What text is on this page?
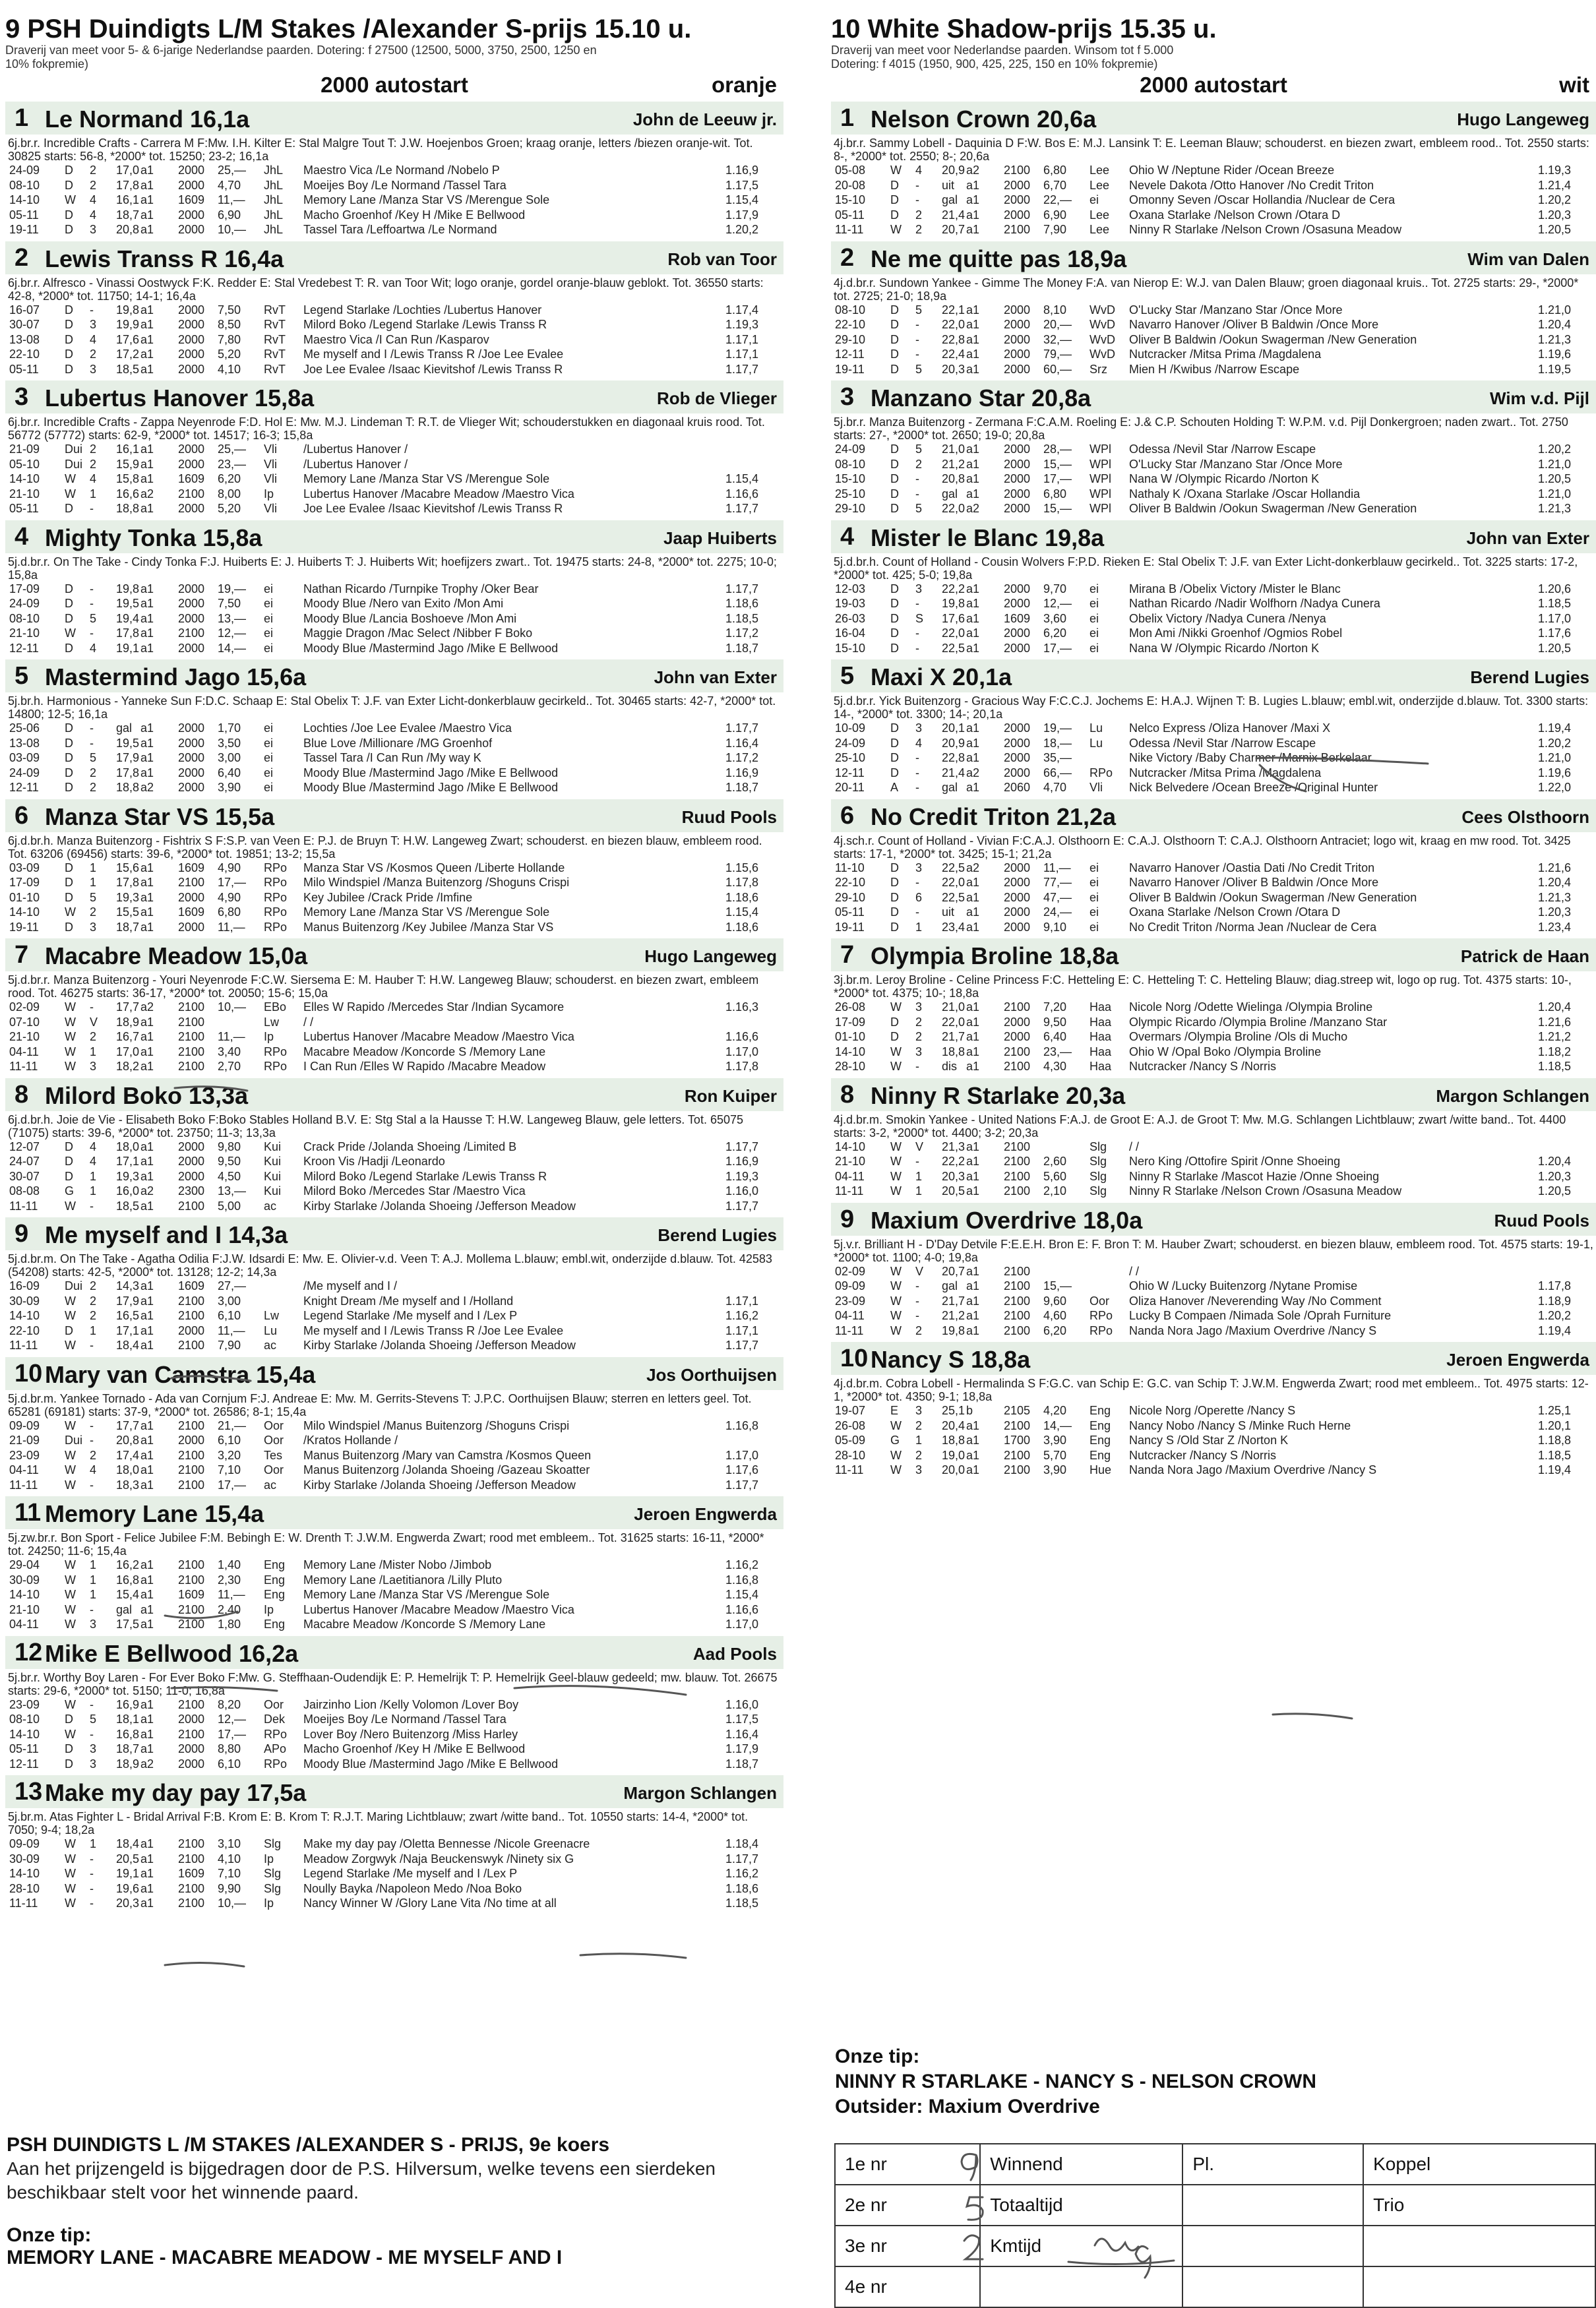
9 PSH Duindigts L/M Stakes /Alexander S-prijs 15.10 u.
Draverij van meet voor 5- & 6-jarige Nederlandse paarden. Dotering: f 27500 (12500, 5000, 3750, 2500, 1250 en
10% fokpremie)
2000 autostart	oranje
1 Le Normand 16,1a	John de Leeuw jr.
6j.br.r. Incredible Crafts - Carrera M F:Mw. I.H. Kilter E: Stal Malgre Tout T: J.W. Hoejenbos Groen; kraag oranje, letters /biezen oranje-wit. Tot. 30825 starts: 56-8, *2000* tot. 15250; 23-2; 16,1a
24-09 D 2 17,0 a1 2000 25,— JhL Maestro Vica /Le Normand /Nobelo P	1.16,9
08-10 D 2 17,8 a1 2000 4,70 JhL Moeijes Boy /Le Normand /Tassel Tara	1.17,5
14-10 W 4 16,1 a1 1609 11,— JhL Memory Lane /Manza Star VS /Merengue Sole	1.15,4
05-11 D 4 18,7 a1 2000 6,90 JhL Macho Groenhof /Key H /Mike E Bellwood	1.17,9
19-11 D 3 20,8 a1 2000 10,— JhL Tassel Tara /Leffoartwa /Le Normand	1.20,2
2 Lewis Transs R 16,4a	Rob van Toor
6j.br.r. Alfresco - Vinassi Oostwyck F:K. Redder E: Stal Vredebest T: R. van Toor Wit; logo oranje, gordel oranje-blauw geblokt. Tot. 36550 starts: 42-8, *2000* tot. 11750; 14-1; 16,4a
16-07 D - 19,8 a1 2000 7,50 RvT Legend Starlake /Lochties /Lubertus Hanover	1.17,4
30-07 D 3 19,9 a1 2000 8,50 RvT Milord Boko /Legend Starlake /Lewis Transs R	1.19,3
13-08 D 4 17,6 a1 2000 7,80 RvT Maestro Vica /I Can Run /Kasparov	1.17,1
22-10 D 2 17,2 a1 2000 5,20 RvT Me myself and I /Lewis Transs R /Joe Lee Evalee	1.17,1
05-11 D 3 18,5 a1 2000 4,10 RvT Joe Lee Evalee /Isaac Kievitshof /Lewis Transs R	1.17,7
3 Lubertus Hanover 15,8a	Rob de Vlieger
6j.br.r. Incredible Crafts - Zappa Neyenrode F:D. Hol E: Mw. M.J. Lindeman T: R.T. de Vlieger Wit; schouderstukken en diagonaal kruis rood. Tot. 56772 (57772) starts: 62-9, *2000* tot. 14517; 16-3; 15,8a
21-09 Dui 2 16,1 a1 2000 25,— Vli /Lubertus Hanover /
05-10 Dui 2 15,9 a1 2000 23,— Vli /Lubertus Hanover /
14-10 W 4 15,8 a1 1609 6,20 Vli Memory Lane /Manza Star VS /Merengue Sole	1.15,4
21-10 W 1 16,6 a2 2100 8,00 Ip Lubertus Hanover /Macabre Meadow /Maestro Vica	1.16,6
05-11 D - 18,8 a1 2000 5,20 Vli Joe Lee Evalee /Isaac Kievitshof /Lewis Transs R	1.17,7
4 Mighty Tonka 15,8a	Jaap Huiberts
5j.d.br.r. On The Take - Cindy Tonka F:J. Huiberts E: J. Huiberts T: J. Huiberts Wit; hoefijzers zwart.. Tot. 19475 starts: 24-8, *2000* tot. 2275; 10-0; 15,8a
17-09 D - 19,8 a1 2000 19,— ei	Nathan Ricardo /Turnpike Trophy /Oker Bear	1.17,7
24-09 D - 19,5 a1 2000 7,50 ei	Moody Blue /Nero van Exito /Mon Ami	1.18,6
08-10 D 5 19,4 a1 2000 13,— ei	Moody Blue /Lancia Boshoeve /Mon Ami	1.18,5
21-10 W - 17,8 a1 2100 12,— ei	Maggie Dragon /Mac Select /Nibber F Boko	1.17,2
12-11 D 4 19,1 a1 2000 14,— ei	Moody Blue /Mastermind Jago /Mike E Bellwood	1.18,7
5 Mastermind Jago 15,6a	John van Exter
5j.br.h. Harmonious - Yanneke Sun F:D.C. Schaap E: Stal Obelix T: J.F. van Exter Licht-donkerblauw gecirkeld.. Tot. 30465 starts: 42-7, *2000* tot. 14800; 12-5; 16,1a
25-06 D - gal a1 2000 1,70 ei	Lochties /Joe Lee Evalee /Maestro Vica	1.17,7
13-08 D - 19,5 a1 2000 3,50 ei	Blue Love /Millionare /MG Groenhof	1.16,4
03-09 D 5 17,9 a1 2000 3,00 ei	Tassel Tara /I Can Run /My way K	1.17,2
24-09 D 2 17,8 a1 2000 6,40 ei	Moody Blue /Mastermind Jago /Mike E Bellwood	1.16,9
12-11 D 2 18,8 a2 2000 3,90 ei	Moody Blue /Mastermind Jago /Mike E Bellwood	1.18,7
6 Manza Star VS 15,5a	Ruud Pools
6j.d.br.h. Manza Buitenzorg - Fishtrix S F:S.P. van Veen E: P.J. de Bruyn T: H.W. Langeweg Zwart; schouderst. en biezen blauw, embleem rood. Tot. 63206 (69456) starts: 39-6, *2000* tot. 19851; 13-2; 15,5a
03-09 D 1 15,6 a1 1609 4,90 RPo Manza Star VS /Kosmos Queen /Liberte Hollande	1.15,6
17-09 D 1 17,8 a1 2100 17,— RPo Milo Windspiel /Manza Buitenzorg /Shoguns Crispi	1.17,8
01-10 D 5 19,3 a1 2000 4,90 RPo Key Jubilee /Crack Pride /Imfine	1.18,6
14-10 W 2 15,5 a1 1609 6,80 RPo Memory Lane /Manza Star VS /Merengue Sole	1.15,4
19-11 D 3 18,7 a1 2000 11,— RPo Manus Buitenzorg /Key Jubilee /Manza Star VS	1.18,6
7 Macabre Meadow 15,0a	Hugo Langeweg
5j.d.br.r. Manza Buitenzorg - Youri Neyenrode F:C.W. Siersema E: M. Hauber T: H.W. Langeweg Blauw; schouderst. en biezen zwart, embleem rood. Tot. 46275 starts: 36-17, *2000* tot. 20050; 15-6; 15,0a
02-09 W - 17,7 a2 2100 10,— EBo Elles W Rapido /Mercedes Star /Indian Sycamore	1.16,3
07-10 W V 18,9 a1 2100	Lw / /
21-10 W 2 16,7 a1 2100 11,— Ip Lubertus Hanover /Macabre Meadow /Maestro Vica	1.16,6
04-11 W 1 17,0 a1 2100 3,40 RPo Macabre Meadow /Koncorde S /Memory Lane	1.17,0
11-11 W 3 18,2 a1 2100 2,70 RPo I Can Run /Elles W Rapido /Macabre Meadow	1.17,8
8 Milord Boko 13,3a	Ron Kuiper
6j.d.br.h. Joie de Vie - Elisabeth Boko F:Boko Stables Holland B.V. E: Stg Stal a la Hausse T: H.W. Langeweg Blauw, gele letters. Tot. 65075 (71075) starts: 39-6, *2000* tot. 23750; 11-3; 13,3a
12-07 D 4 18,0 a1 2000 9,80 Kui Crack Pride /Jolanda Shoeing /Limited B	1.17,7
24-07 D 4 17,1 a1 2000 9,50 Kui Kroon Vis /Hadji /Leonardo	1.16,9
30-07 D 1 19,3 a1 2000 4,50 Kui Milord Boko /Legend Starlake /Lewis Transs R	1.19,3
08-08 G 1 16,0 a2 2300 13,— Kui Milord Boko /Mercedes Star /Maestro Vica	1.16,0
11-11 W - 18,5 a1 2100 5,00 ac Kirby Starlake /Jolanda Shoeing /Jefferson Meadow	1.17,7
9 Me myself and I 14,3a	Berend Lugies
5j.d.br.m. On The Take - Agatha Odilia F:J.W. Idsardi E: Mw. E. Olivier-v.d. Veen T: A.J. Mollema L.blauw; embl.wit, onderzijde d.blauw. Tot. 42583 (54208) starts: 42-5, *2000* tot. 13128; 12-2; 14,3a
16-09 Dui 2 14,3 a1 1609 27,—	/Me myself and I /
30-09 W 2 17,9 a1 2100 3,00	Knight Dream /Me myself and I /Holland	1.17,1
14-10 W 2 16,5 a1 2100 6,10 Lw Legend Starlake /Me myself and I /Lex P	1.16,2
22-10 D 1 17,1 a1 2000 11,— Lu Me myself and I /Lewis Transs R /Joe Lee Evalee	1.17,1
11-11 W - 18,4 a1 2100 7,90 ac Kirby Starlake /Jolanda Shoeing /Jefferson Meadow	1.17,7
10 Mary van Camstra 15,4a	Jos Oorthuijsen
5j.d.br.m. Yankee Tornado - Ada van Cornjum F:J. Andreae E: Mw. M. Gerrits-Stevens T: J.P.C. Oorthuijsen Blauw; sterren en letters geel. Tot. 65281 (69181) starts: 37-9, *2000* tot. 26586; 8-1; 15,4a
09-09 W - 17,7 a1 2100 21,— Oor Milo Windspiel /Manus Buitenzorg /Shoguns Crispi	1.16,8
21-09 Dui - 20,8 a1 2000 6,10 Oor /Kratos Hollande /
23-09 W 2 17,4 a1 2100 3,20 Tes Manus Buitenzorg /Mary van Camstra /Kosmos Queen	1.17,0
04-11 W 4 18,0 a1 2100 7,10 Oor Manus Buitenzorg /Jolanda Shoeing /Gazeau Skoatter	1.17,6
11-11 W - 18,3 a1 2100 17,— ac Kirby Starlake /Jolanda Shoeing /Jefferson Meadow	1.17,7
11 Memory Lane 15,4a	Jeroen Engwerda
5j.zw.br.r. Bon Sport - Felice Jubilee F:M. Bebingh E: W. Drenth T: J.W.M. Engwerda Zwart; rood met embleem.. Tot. 31625 starts: 16-11, *2000* tot. 24250; 11-6; 15,4a
29-04 W 1 16,2 a1 2100 1,40 Eng Memory Lane /Mister Nobo /Jimbob	1.16,2
30-09 W 1 16,8 a1 2100 2,30 Eng Memory Lane /Laetitianora /Lilly Pluto	1.16,8
14-10 W 1 15,4 a1 1609 11,— Eng Memory Lane /Manza Star VS /Merengue Sole	1.15,4
21-10 W - gal a1 2100 2,40 Ip Lubertus Hanover /Macabre Meadow /Maestro Vica	1.16,6
04-11 W 3 17,5 a1 2100 1,80 Eng Macabre Meadow /Koncorde S /Memory Lane	1.17,0
12 Mike E Bellwood 16,2a	Aad Pools
5j.br.r. Worthy Boy Laren - For Ever Boko F:Mw. G. Steffhaan-Oudendijk E: P. Hemelrijk T: P. Hemelrijk Geel-blauw gedeeld; mw. blauw. Tot. 26675 starts: 29-6, *2000* tot. 5150; 11-0; 16,8a
23-09 W - 16,9 a1 2100 8,20 Oor Jairzinho Lion /Kelly Volomon /Lover Boy	1.16,0
08-10 D 5 18,1 a1 2000 12,— Dek Moeijes Boy /Le Normand /Tassel Tara	1.17,5
14-10 W - 16,8 a1 2100 17,— RPo Lover Boy /Nero Buitenzorg /Miss Harley	1.16,4
05-11 D 3 18,7 a1 2000 8,80 APo Macho Groenhof /Key H /Mike E Bellwood	1.17,9
12-11 D 3 18,9 a2 2000 6,10 RPo Moody Blue /Mastermind Jago /Mike E Bellwood	1.18,7
13 Make my day pay 17,5a	Margon Schlangen
5j.br.m. Atas Fighter L - Bridal Arrival F:B. Krom E: B. Krom T: R.J.T. Maring Lichtblauw; zwart /witte band.. Tot. 10550 starts: 14-4, *2000* tot. 7050; 9-4; 18,2a
09-09 W 1 18,4 a1 2100 3,10 Slg Make my day pay /Oletta Bennesse /Nicole Greenacre	1.18,4
30-09 W - 20,5 a1 2100 4,10 Ip Meadow Zorgwyk /Naja Beuckenswyk /Ninety six G	1.17,7
14-10 W - 19,1 a1 1609 7,10 Slg Legend Starlake /Me myself and I /Lex P	1.16,2
28-10 W - 19,6 a1 2100 9,90 Slg Noully Bayka /Napoleon Medo /Noa Boko	1.18,6
11-11 W - 20,3 a1 2100 10,— Ip Nancy Winner W /Glory Lane Vita /No time at all	1.18,5
10 White Shadow-prijs 15.35 u.
Draverij van meet voor Nederlandse paarden. Winsom tot f 5.000
Dotering: f 4015 (1950, 900, 425, 225, 150 en 10% fokpremie)
2000 autostart	wit
1 Nelson Crown 20,6a	Hugo Langeweg
4j.br.r. Sammy Lobell - Daquinia D F:W. Bos E: M.J. Lansink T: E. Leeman Blauw; schouderst. en biezen zwart, embleem rood.. Tot. 2550 starts: 8-, *2000* tot. 2550; 8-; 20,6a
05-08 W 4 20,9 a2 2100 6,80 Lee Ohio W /Neptune Rider /Ocean Breeze	1.19,3
20-08 D - uit a1 2000 6,70 Lee Nevele Dakota /Otto Hanover /No Credit Triton	1.21,4
15-10 D - gal a1 2000 22,— ei	Omonny Seven /Oscar Hollandia /Nuclear de Cera	1.20,2
05-11 D 2 21,4 a1 2000 6,90 Lee Oxana Starlake /Nelson Crown /Otara D	1.20,3
11-11 W 2 20,7 a1 2100 7,90 Lee Ninny R Starlake /Nelson Crown /Osasuna Meadow	1.20,5
2 Ne me quitte pas 18,9a	Wim van Dalen
4j.d.br.r. Sundown Yankee - Gimme The Money F:A. van Nierop E: W.J. van Dalen Blauw; groen diagonaal kruis.. Tot. 2725 starts: 29-, *2000* tot. 2725; 21-0; 18,9a
08-10 D 5 22,1 a1 2000 8,10 WvD O'Lucky Star /Manzano Star /Once More	1.21,0
22-10 D - 22,0 a1 2000 20,— WvD Navarro Hanover /Oliver B Baldwin /Once More	1.20,4
29-10 D - 22,8 a1 2000 32,— WvD Oliver B Baldwin /Ookun Swagerman /New Generation	1.21,3
12-11 D - 22,4 a1 2000 79,— WvD Nutcracker /Mitsa Prima /Magdalena	1.19,6
19-11 D 5 20,3 a1 2000 60,— Srz Mien H /Kwibus /Narrow Escape	1.19,5
3 Manzano Star 20,8a	Wim v.d. Pijl
5j.br.r. Manza Buitenzorg - Zermana F:C.A.M. Roeling E: J.& C.P. Schouten Holding T: W.P.M. v.d. Pijl Donkergroen; naden zwart.. Tot. 2750 starts: 27-, *2000* tot. 2650; 19-0; 20,8a
24-09 D 5 21,0 a1 2000 28,— WPl Odessa /Nevil Star /Narrow Escape	1.20,2
08-10 D 2 21,2 a1 2000 15,— WPl O'Lucky Star /Manzano Star /Once More	1.21,0
15-10 D - 20,8 a1 2000 17,— WPl Nana W /Olympic Ricardo /Norton K	1.20,5
25-10 D - gal a1 2000 6,80 WPl Nathaly K /Oxana Starlake /Oscar Hollandia	1.21,0
29-10 D 5 22,0 a2 2000 15,— WPl Oliver B Baldwin /Ookun Swagerman /New Generation	1.21,3
4 Mister le Blanc 19,8a	John van Exter
5j.d.br.h. Count of Holland - Cousin Wolvers F:P.D. Rieken E: Stal Obelix T: J.F. van Exter Licht-donkerblauw gecirkeld.. Tot. 3225 starts: 17-2, *2000* tot. 425; 5-0; 19,8a
12-03 D 3 22,2 a1 2000 9,70 ei	Mirana B /Obelix Victory /Mister le Blanc	1.20,6
19-03 D - 19,8 a1 2000 12,— ei	Nathan Ricardo /Nadir Wolfhorn /Nadya Cunera	1.18,5
26-03 D S 17,6 a1 1609 3,60 ei	Obelix Victory /Nadya Cunera /Nenya	1.17,0
16-04 D - 22,0 a1 2000 6,20 ei	Mon Ami /Nikki Groenhof /Ogmios Robel	1.17,6
15-10 D - 22,5 a1 2000 17,— ei	Nana W /Olympic Ricardo /Norton K	1.20,5
5 Maxi X 20,1a	Berend Lugies
5j.d.br.r. Yick Buitenzorg - Gracious Way F:C.C.J. Jochems E: H.A.J. Wijnen T: B. Lugies L.blauw; embl.wit, onderzijde d.blauw. Tot. 3300 starts: 14-, *2000* tot. 3300; 14-; 20,1a
10-09 D 3 20,1 a1 2000 19,— Lu Nelco Express /Oliza Hanover /Maxi X	1.19,4
24-09 D 4 20,9 a1 2000 18,— Lu Odessa /Nevil Star /Narrow Escape	1.20,2
25-10 D - 22,8 a1 2000 35,—	Nike Victory /Baby Charmer /Marnix Berkelaar	1.21,0
12-11 D - 21,4 a2 2000 66,— RPo Nutcracker /Mitsa Prima /Magdalena	1.19,6
20-11 A - gal a1 2060 4,70 Vli Nick Belvedere /Ocean Breeze /Original Hunter	1.22,0
6 No Credit Triton 21,2a	Cees Olsthoorn
4j.sch.r. Count of Holland - Vivian F:C.A.J. Olsthoorn E: C.A.J. Olsthoorn T: C.A.J. Olsthoorn Antraciet; logo wit, kraag en mw rood. Tot. 3425 starts: 17-1, *2000* tot. 3425; 15-1; 21,2a
11-10 D 3 22,5 a2 2000 11,— ei	Navarro Hanover /Oastia Dati /No Credit Triton	1.21,6
22-10 D - 22,0 a1 2000 77,— ei	Navarro Hanover /Oliver B Baldwin /Once More	1.20,4
29-10 D 6 22,5 a1 2000 47,— ei	Oliver B Baldwin /Ookun Swagerman /New Generation	1.21,3
05-11 D - uit a1 2000 24,— ei	Oxana Starlake /Nelson Crown /Otara D	1.20,3
19-11 D 1 23,4 a1 2000 9,10 ei	No Credit Triton /Norma Jean /Nuclear de Cera	1.23,4
7 Olympia Broline 18,8a	Patrick de Haan
3j.br.m. Leroy Broline - Celine Princess F:C. Hetteling E: C. Hetteling T: C. Hetteling Blauw; diag.streep wit, logo op rug. Tot. 4375 starts: 10-, *2000* tot. 4375; 10-; 18,8a
26-08 W 3 21,0 a1 2100 7,20 Haa Nicole Norg /Odette Wielinga /Olympia Broline	1.20,4
17-09 D 2 22,0 a1 2000 9,50 Haa Olympic Ricardo /Olympia Broline /Manzano Star	1.21,6
01-10 D 2 21,7 a1 2000 6,40 Haa Overmars /Olympia Broline /Ols di Mucho	1.21,2
14-10 W 3 18,8 a1 2100 23,— Haa Ohio W /Opal Boko /Olympia Broline	1.18,2
28-10 W - dis a1 2100 4,30 Haa Nutcracker /Nancy S /Norris	1.18,5
8 Ninny R Starlake 20,3a	Margon Schlangen
4j.d.br.m. Smokin Yankee - United Nations F:A.J. de Groot E: A.J. de Groot T: Mw. M.G. Schlangen Lichtblauw; zwart /witte band.. Tot. 4400 starts: 3-2, *2000* tot. 4400; 3-2; 20,3a
14-10 W V 21,3 a1 2100	Slg / /
21-10 W - 22,2 a1 2100 2,60 Slg Nero King /Ottofire Spirit /Onne Shoeing	1.20,4
04-11 W 1 20,3 a1 2100 5,60 Slg Ninny R Starlake /Mascot Hazie /Onne Shoeing	1.20,3
11-11 W 1 20,5 a1 2100 2,10 Slg Ninny R Starlake /Nelson Crown /Osasuna Meadow	1.20,5
9 Maxium Overdrive 18,0a	Ruud Pools
5j.v.r. Brilliant H - D'Day Detvile F:E.E.H. Bron E: F. Bron T: M. Hauber Zwart; schouderst. en biezen blauw, embleem rood. Tot. 4575 starts: 19-1, *2000* tot. 1100; 4-0; 19,8a
02-09 W V 20,7 a1 2100	/ /
09-09 W - gal a1 2100 15,—	Ohio W /Lucky Buitenzorg /Nytane Promise	1.17,8
23-09 W - 21,7 a1 2100 9,60 Oor Oliza Hanover /Neverending Way /No Comment	1.18,9
04-11 W - 21,2 a1 2100 4,60 RPo Lucky B Compaen /Nimada Sole /Oprah Furniture	1.20,2
11-11 W 2 19,8 a1 2100 6,20 RPo Nanda Nora Jago /Maxium Overdrive /Nancy S	1.19,4
10 Nancy S 18,8a	Jeroen Engwerda
4j.d.br.m. Cobra Lobell - Hermalinda S F:G.C. van Schip E: G.C. van Schip T: J.W.M. Engwerda Zwart; rood met embleem.. Tot. 4975 starts: 12-1, *2000* tot. 4350; 9-1; 18,8a
19-07 E 3 25,1 b	2105 4,20 Eng Nicole Norg /Operette /Nancy S	1.25,1
26-08 W 2 20,4 a1 2100 14,— Eng Nancy Nobo /Nancy S /Minke Ruch Herne	1.20,1
05-09 G 1 18,8 a1 1700 3,90 Eng Nancy S /Old Star Z /Norton K	1.18,8
28-10 W 2 19,0 a1 2100 5,70 Eng Nutcracker /Nancy S /Norris	1.18,5
11-11 W 3 20,0 a1 2100 3,90 Hue Nanda Nora Jago /Maxium Overdrive /Nancy S	1.19,4
PSH DUINDIGTS L /M STAKES /ALEXANDER S - PRIJS, 9e koers
Aan het prijzengeld is bijgedragen door de P.S. Hilversum, welke tevens een sierdeken beschikbaar stelt voor het winnende paard.
Onze tip:
MEMORY LANE - MACABRE MEADOW - ME MYSELF AND I
Onze tip:
NINNY R STARLAKE - NANCY S - NELSON CROWN
Outsider: Maxium Overdrive
1e nr	Winnend	Pl.	Koppel
2e nr	Totaaltijd		Trio
3e nr	Kmtijd		
4e nr			
